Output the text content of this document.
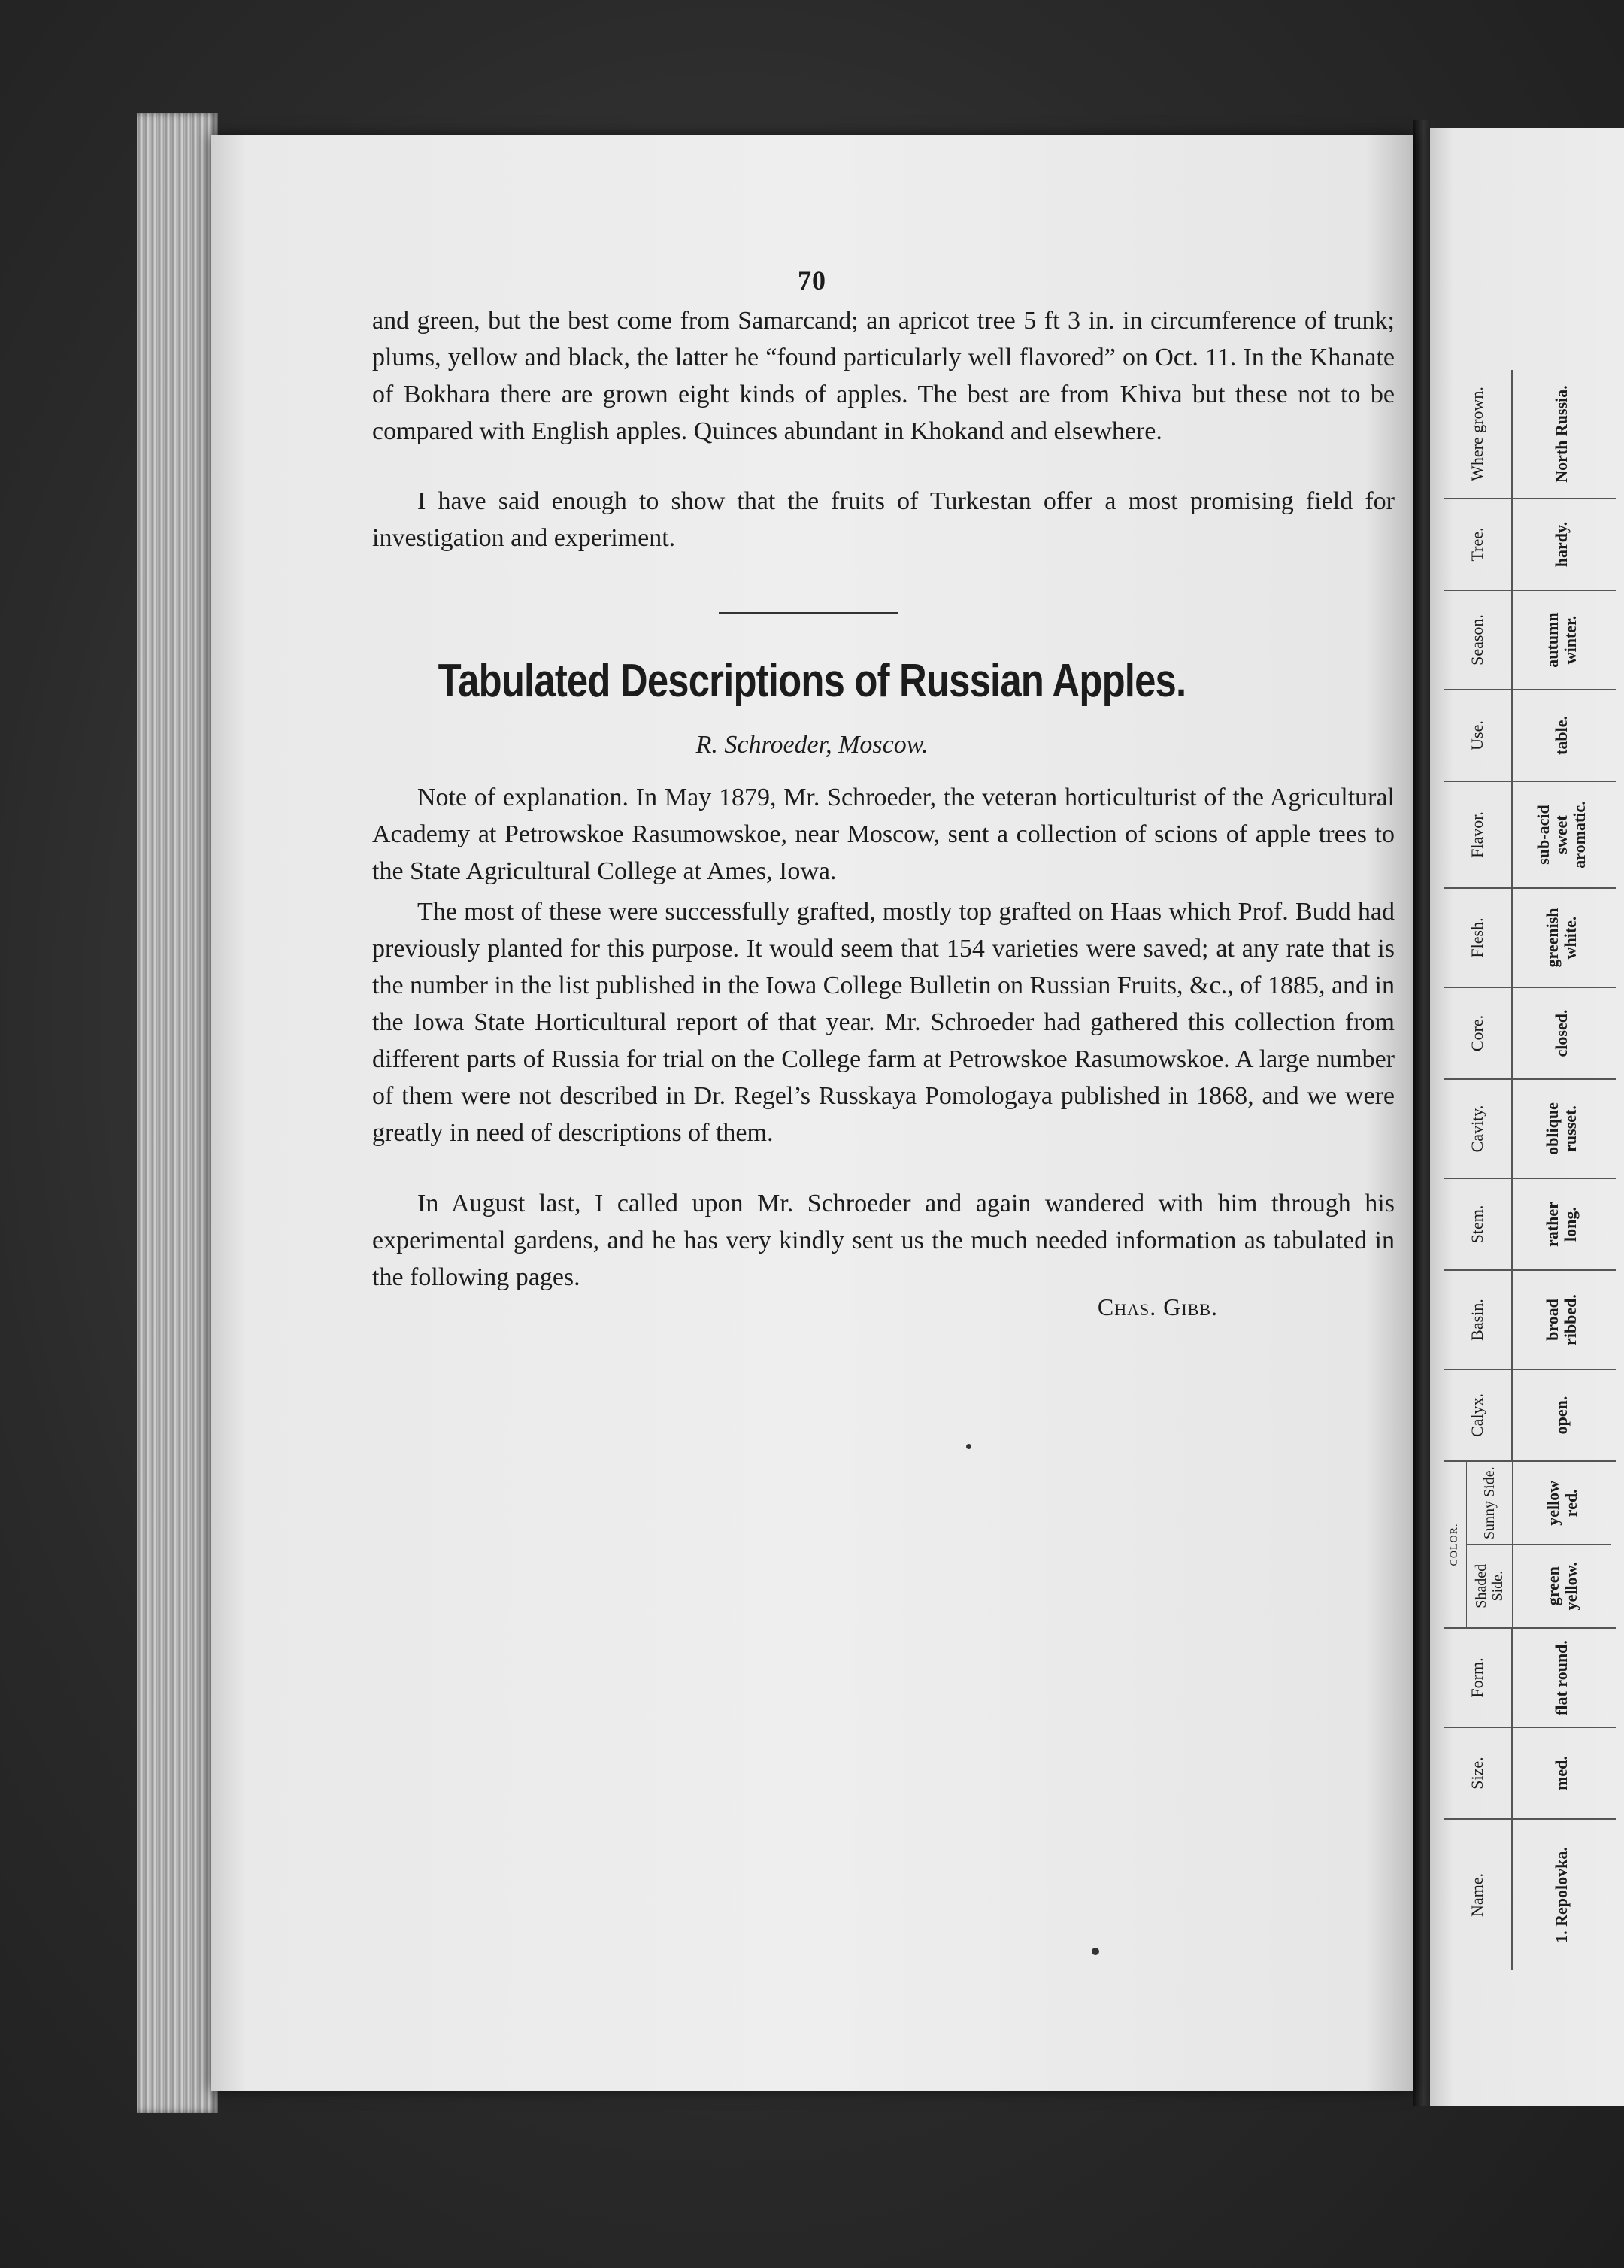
70
and green, but the best come from Samarcand; an apricot tree 5 ft 3 in. in circumference of trunk; plums, yellow and black, the latter he “found particularly well flavored” on Oct. 11. In the Khanate of Bokhara there are grown eight kinds of apples. The best are from Khiva but these not to be compared with English apples. Quinces abundant in Khokand and elsewhere.
I have said enough to show that the fruits of Turkestan offer a most promising field for investigation and experiment.
Tabulated Descriptions of Russian Apples.
R. Schroeder, Moscow.
Note of explanation. In May 1879, Mr. Schroeder, the veteran horticulturist of the Agricultural Academy at Petrowskoe Rasumowskoe, near Moscow, sent a collection of scions of apple trees to the State Agricultural College at Ames, Iowa.
The most of these were successfully grafted, mostly top grafted on Haas which Prof. Budd had previously planted for this purpose. It would seem that 154 varieties were saved; at any rate that is the number in the list published in the Iowa College Bulletin on Russian Fruits, &c., of 1885, and in the Iowa State Horticultural report of that year. Mr. Schroeder had gathered this collection from different parts of Russia for trial on the College farm at Petrowskoe Rasumowskoe. A large number of them were not described in Dr. Regel’s Russkaya Pomologaya published in 1868, and we were greatly in need of descriptions of them.
In August last, I called upon Mr. Schroeder and again wandered with him through his experimental gardens, and he has very kindly sent us the much needed information as tabulated in the following pages.
Chas. Gibb.
Name.	1. Repolovka.
Size.	med.
Form.	flat round.
COLOR.
Shaded Side.	green yellow.
Sunny Side.	yellow red.
Calyx.	open.
Basin.	broad ribbed.
Stem.	rather long.
Cavity.	oblique russet.
Core.	closed.
Flesh.	greenish white.
Flavor.	sub-acid sweet aromatic.
Use.	table.
Season.	autumn winter.
Tree.	hardy.
Where grown.	North Russia.
